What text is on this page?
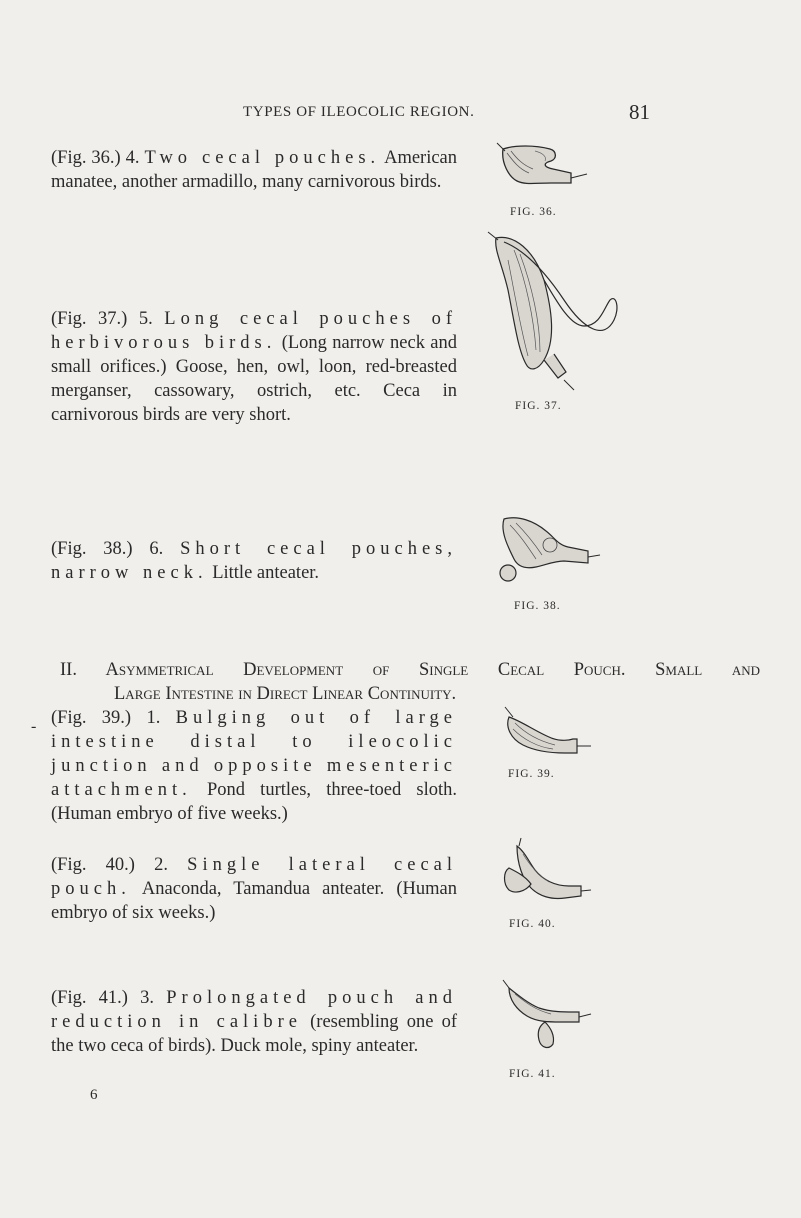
TYPES OF ILEOCOLIC REGION.	81

(Fig. 36.) 4. Two cecal pouches. American manatee, another armadillo, many carnivorous birds.

(Fig. 37.) 5. Long cecal pouches of herbivorous birds. (Long narrow neck and small orifices.) Goose, hen, owl, loon, red-breasted merganser, cassowary, ostrich, etc. Ceca in carnivorous birds are very short.

(Fig. 38.) 6. Short cecal pouches, narrow neck. Little anteater.

II. Asymmetrical Development of Single Cecal Pouch. Small and
Large Intestine in Direct Linear Continuity.
- (Fig. 39.) 1. Bulging out of large intestine distal to ileocolic junction and opposite mesenteric attachment. Pond turtles, three-toed sloth. (Human embryo of five weeks.)

(Fig. 40.) 2. Single lateral cecal pouch. Anaconda, Tamandua anteater. (Human embryo of six weeks.)

(Fig. 41.) 3. Prolongated pouch and reduction in calibre (resembling one of the two ceca of birds). Duck mole, spiny anteater.

6
FIG. 36.
FIG. 37.
FIG. 38.
FIG. 39.
FIG. 40.
FIG. 41.
